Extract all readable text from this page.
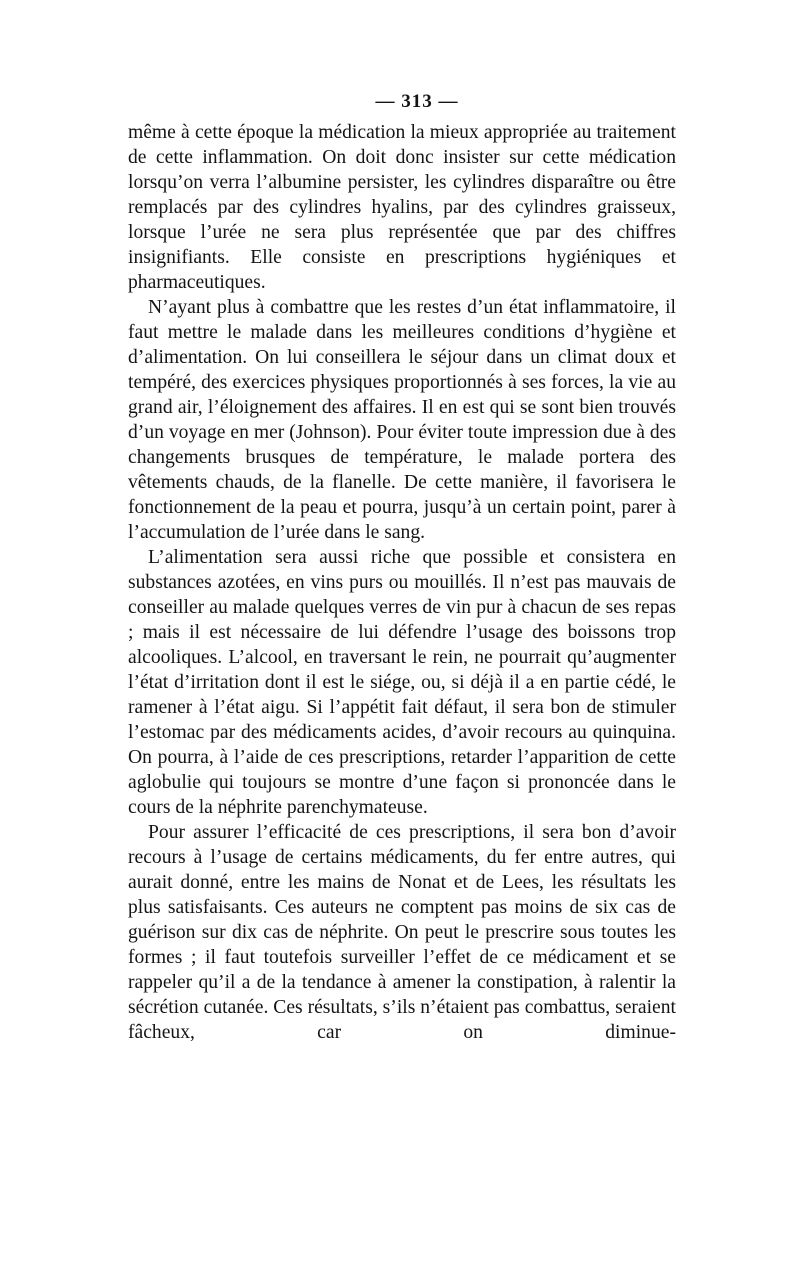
— 313 —

même à cette époque la médication la mieux appropriée au traitement de cette inflammation. On doit donc insister sur cette médication lorsqu’on verra l’albumine persister, les cylindres disparaître ou être remplacés par des cylindres hyalins, par des cylindres graisseux, lorsque l’urée ne sera plus représentée que par des chiffres insignifiants. Elle consiste en prescriptions hygiéniques et pharmaceutiques.

N’ayant plus à combattre que les restes d’un état inflammatoire, il faut mettre le malade dans les meilleures conditions d’hygiène et d’alimentation. On lui conseillera le séjour dans un climat doux et tempéré, des exercices physiques proportionnés à ses forces, la vie au grand air, l’éloignement des affaires. Il en est qui se sont bien trouvés d’un voyage en mer (Johnson). Pour éviter toute impression due à des changements brusques de température, le malade portera des vêtements chauds, de la flanelle. De cette manière, il favorisera le fonctionnement de la peau et pourra, jusqu’à un certain point, parer à l’accumulation de l’urée dans le sang.

L’alimentation sera aussi riche que possible et consistera en substances azotées, en vins purs ou mouillés. Il n’est pas mauvais de conseiller au malade quelques verres de vin pur à chacun de ses repas ; mais il est nécessaire de lui défendre l’usage des boissons trop alcooliques. L’alcool, en traversant le rein, ne pourrait qu’augmenter l’état d’irritation dont il est le siége, ou, si déjà il a en partie cédé, le ramener à l’état aigu. Si l’appétit fait défaut, il sera bon de stimuler l’estomac par des médicaments acides, d’avoir recours au quinquina. On pourra, à l’aide de ces prescriptions, retarder l’apparition de cette aglobulie qui toujours se montre d’une façon si prononcée dans le cours de la néphrite parenchymateuse.

Pour assurer l’efficacité de ces prescriptions, il sera bon d’avoir recours à l’usage de certains médicaments, du fer entre autres, qui aurait donné, entre les mains de Nonat et de Lees, les résultats les plus satisfaisants. Ces auteurs ne comptent pas moins de six cas de guérison sur dix cas de néphrite. On peut le prescrire sous toutes les formes ; il faut toutefois surveiller l’effet de ce médicament et se rappeler qu’il a de la tendance à amener la constipation, à ralentir la sécrétion cutanée. Ces résultats, s’ils n’étaient pas combattus, seraient fâcheux, car on diminue-
